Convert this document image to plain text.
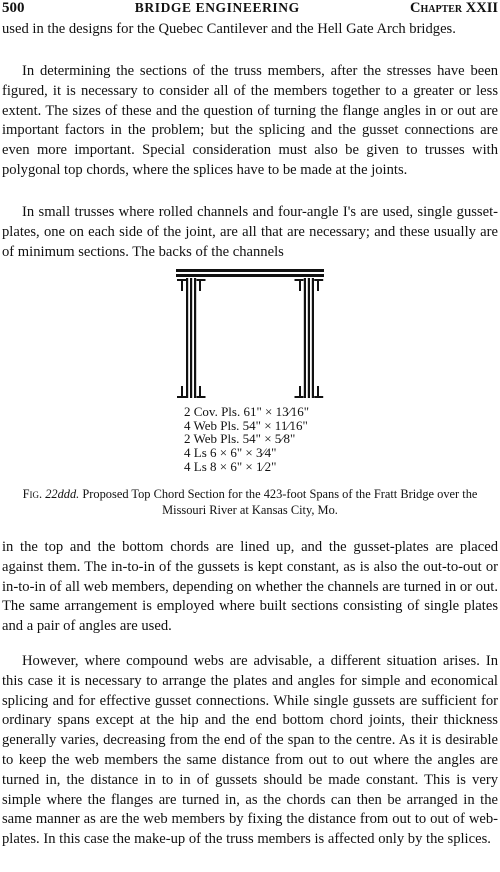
500	BRIDGE ENGINEERING	Chapter XXII

used in the designs for the Quebec Cantilever and the Hell Gate Arch bridges.

In determining the sections of the truss members, after the stresses have been figured, it is necessary to consider all of the members together to a greater or less extent. The sizes of these and the question of turning the flange angles in or out are important factors in the problem; but the splicing and the gusset connections are even more important. Special consideration must also be given to trusses with polygonal top chords, where the splices have to be made at the joints.

In small trusses where rolled channels and four-angle I's are used, single gusset-plates, one on each side of the joint, are all that are necessary; and these usually are of minimum sections. The backs of the channels

2 Cov. Pls. 61" × 13⁄16"
4 Web Pls. 54" × 11⁄16"
2 Web Pls. 54" × 5⁄8"
4 Ls 6 × 6" × 3⁄4"
4 Ls 8 × 6" × 1⁄2"
Fig. 22ddd. Proposed Top Chord Section for the 423-foot Spans of the Fratt Bridge over the Missouri River at Kansas City, Mo.

in the top and the bottom chords are lined up, and the gusset-plates are placed against them. The in-to-in of the gussets is kept constant, as is also the out-to-out or in-to-in of all web members, depending on whether the channels are turned in or out. The same arrangement is employed where built sections consisting of single plates and a pair of angles are used.

However, where compound webs are advisable, a different situation arises. In this case it is necessary to arrange the plates and angles for simple and economical splicing and for effective gusset connections. While single gussets are sufficient for ordinary spans except at the hip and the end bottom chord joints, their thickness generally varies, decreasing from the end of the span to the centre. As it is desirable to keep the web members the same distance from out to out where the angles are turned in, the distance in to in of gussets should be made constant. This is very simple where the flanges are turned in, as the chords can then be arranged in the same manner as are the web members by fixing the distance from out to out of web-plates. In this case the make-up of the truss members is affected only by the splices.
